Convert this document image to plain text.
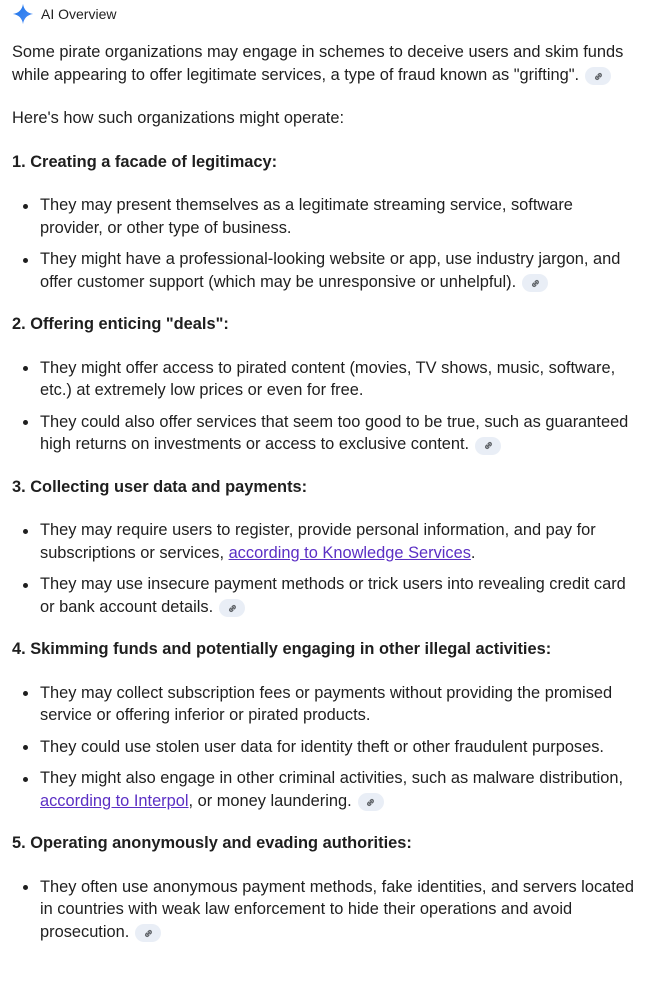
AI Overview

Some pirate organizations may engage in schemes to deceive users and skim funds while appearing to offer legitimate services, a type of fraud known as "grifting".

Here's how such organizations might operate:

1. Creating a facade of legitimacy:
They may present themselves as a legitimate streaming service, software provider, or other type of business.
They might have a professional-looking website or app, use industry jargon, and offer customer support (which may be unresponsive or unhelpful).
2. Offering enticing "deals":
They might offer access to pirated content (movies, TV shows, music, software, etc.) at extremely low prices or even for free.
They could also offer services that seem too good to be true, such as guaranteed high returns on investments or access to exclusive content.
3. Collecting user data and payments:
They may require users to register, provide personal information, and pay for subscriptions or services, according to Knowledge Services.
They may use insecure payment methods or trick users into revealing credit card or bank account details.
4. Skimming funds and potentially engaging in other illegal activities:
They may collect subscription fees or payments without providing the promised service or offering inferior or pirated products.
They could use stolen user data for identity theft or other fraudulent purposes.
They might also engage in other criminal activities, such as malware distribution, according to Interpol, or money laundering.
5. Operating anonymously and evading authorities:
They often use anonymous payment methods, fake identities, and servers located in countries with weak law enforcement to hide their operations and avoid prosecution.
